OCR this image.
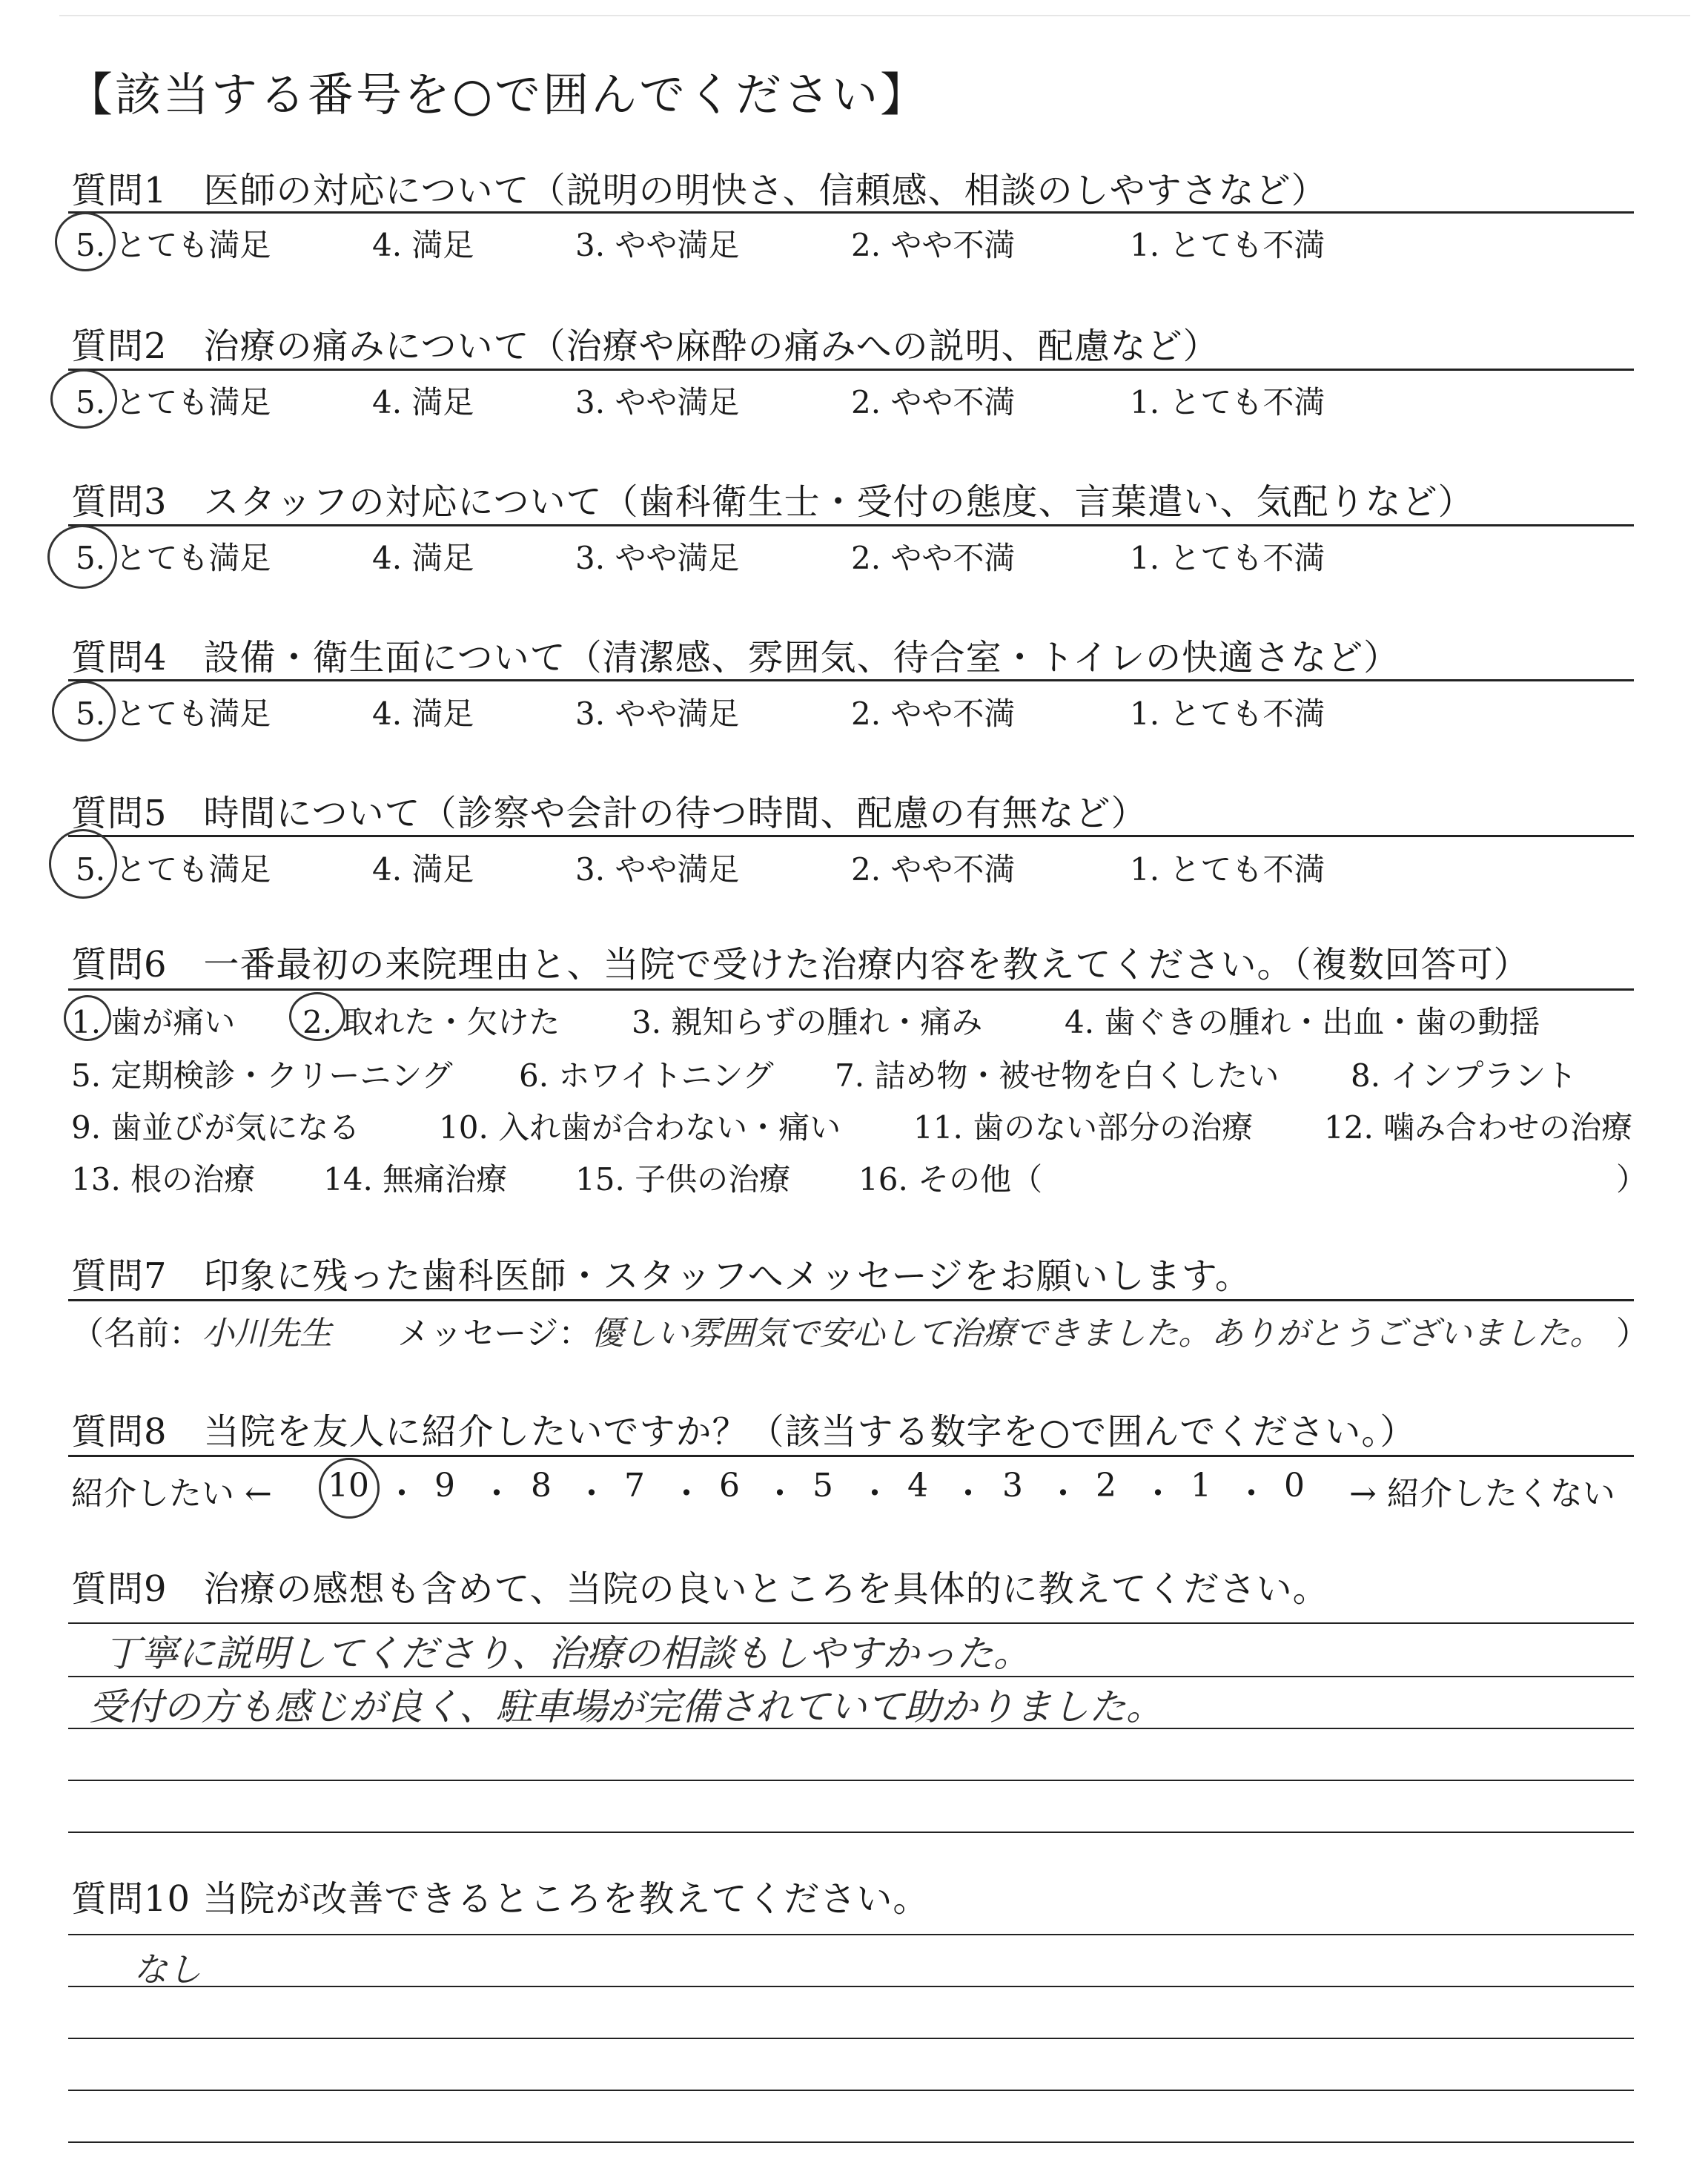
【該当する番号を○で囲んでください】
質問1　医師の対応について（説明の明快さ、信頼感、相談のしやすさなど）
5. とても満足	4. 満足	3. やや満足	2. やや不満	1. とても不満
質問2　治療の痛みについて（治療や麻酔の痛みへの説明、配慮など）
5. とても満足	4. 満足	3. やや満足	2. やや不満	1. とても不満
質問3　スタッフの対応について（歯科衛生士・受付の態度、言葉遣い、気配りなど）
5. とても満足	4. 満足	3. やや満足	2. やや不満	1. とても不満
質問4　設備・衛生面について（清潔感、雰囲気、待合室・トイレの快適さなど）
5. とても満足	4. 満足	3. やや満足	2. やや不満	1. とても不満
質問5　時間について（診察や会計の待つ時間、配慮の有無など）
5. とても満足	4. 満足	3. やや満足	2. やや不満	1. とても不満
質問6　一番最初の来院理由と、当院で受けた治療内容を教えてください。（複数回答可）
1. 歯が痛い 2. 取れた・欠けた 3. 親知らずの腫れ・痛み	4. 歯ぐきの腫れ・出血・歯の動揺
5. 定期検診・クリーニング 6. ホワイトニング 7. 詰め物・被せ物を白くしたい 8. インプラント
9. 歯並びが気になる	10. 入れ歯が合わない・痛い 11. 歯のない部分の治療 12. 噛み合わせの治療
13. 根の治療 14. 無痛治療 15. 子供の治療 16. その他（	）
質問7　印象に残った歯科医師・スタッフへメッセージをお願いします。
（名前：小川先生 メッセージ：優しい雰囲気で安心して治療できました。ありがとうございました。 ）
質問8　当院を友人に紹介したいですか？（該当する数字を○で囲んでください。）
紹介したい ← 10 ・ 9 ・ 8 ・ 7 ・ 6 ・ 5 ・ 4 ・ 3 ・ 2 ・ 1 ・ 0	→ 紹介したくない
質問9　治療の感想も含めて、当院の良いところを具体的に教えてください。
丁寧に説明してくださり、治療の相談もしやすかった。
受付の方も感じが良く、駐車場が完備されていて助かりました。
質問10 当院が改善できるところを教えてください。
なし
